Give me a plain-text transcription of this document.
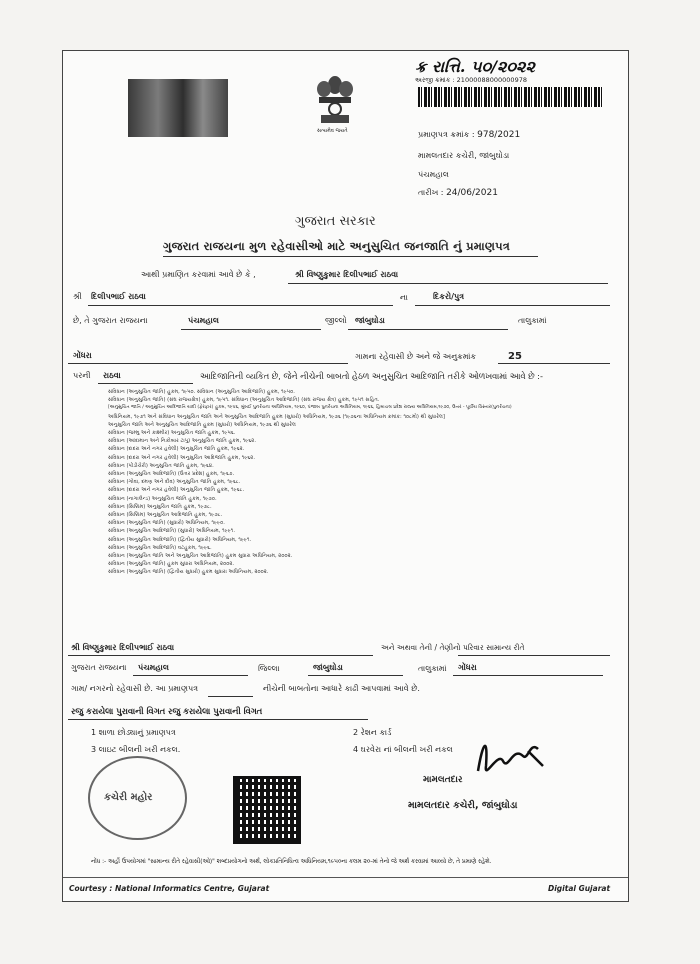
સત્યમેવ જયતે
ક્ર રાત્તિ. ૫૦/૨૦૨૨
અરજી ક્રમાંક : 21000088000000978
પ્રમાણપત્ર ક્રમાંક : 978/2021
મામલતદાર કચેરી, જાંબુઘોડા
પંચમહાલ
તારીખ : 24/06/2021
ગુજરાત સરકાર
ગુજરાત રાજયના મુળ રહેવાસીઓ માટે અનુસુચિત જનજાતિ નું પ્રમાણપત્ર
આથી પ્રમાણિત કરવામાં આવે છે કે ,	શ્રી વિષ્ણુકુમાર દિલીપભાઈ રાઠવા
શ્રી દિલીપભાઈ રાઠવા	ના	દિકરો/પુત્ર
છે, તે ગુજરાત રાજયના	પંચમહાલ	જીલ્લો જાંબુઘોડા	તાલુકામાં
ગોંધરા	ગામના રહેવાસી છે અને જે અનુક્રમાંક	25
પરની રાઠવા	આદિજાતિની વ્યકિત છે, જેને નીચેની બાબતો હેઠળ અનુસુચિત આદિજાતિ તરીકે ઓળખવામાં આવે છે :-
સંવિધાન (અનુસુચિત જાતિ) હુકમ, ૧૯૫૦. સંવિધાન (અનુસુચિત આદિજાતિ) હુકમ, ૧૯૫૦.
સંવિધાન (અનુસુચિત જાતિ) (સંઘ રાજયક્ષેત્ર) હુકમ, ૧૯૫૧. સંવિધાન (અનુસુચિત આદિજાતિ) (સંઘ રાજય ક્ષેત્ર) હુકમ, ૧૯૫૧ સહિત.
[અનુસુચિત જાતિ / અનુસુચિત આદિજાતિ યાદી (ફેરફાર) હુકમ, ૧૯૫૬, મુંબઈ પુનર્રચના અધિનિયમ, ૧૯૬૦, પંજાબ પુનર્રચના અધિનિયમ, ૧૯૬૬, હિમાચલ પ્રદેશ રાજ્ય અધિનિયમ,૧૯૭૦, ઉત્તર - પૂર્વીય વિસ્તાર(પુનર્રચના)
અધિનિયમ, ૧૯૭૧ અને સંવિધાન અનુસુચિત જાતિ અને અનુસુચિત આદિજાતિ હુકમ (સુધારો) અધિનિયમ, ૧૯૭૬ (૧૯૭૬ના અધિનિયમ ક્રમાંક: ૧૦૮મો) થી સુધારેલ]
અનુસુચિત જાતિ અને અનુસુચિત આદિજાતિ હુકમ (સુધારો) અધિનિયમ, ૧૯૭૬ થી સુધારેલ
સંવિધાન (જમ્મુ અને કાશ્મીર) અનુસુચિત જાતિ હુકમ, ૧૯૫૬.
સંવિધાન (આંદામાન અને નિકોબાર ટાપુ) અનુસુચિત જાતિ હુકમ, ૧૯૬૨.
સંવિધાન (દાદરા અને નગર હવેલી) અનુસુચિત જાતિ હુકમ, ૧૯૬૨.
સંવિધાન (દાદરા અને નગર હવેલી) અનુસુચિત આદિજાતિ હુકમ, ૧૯૬૨.
સંવિધાન (પોંડીચેરી) અનુસુચિત જાતિ હુકમ, ૧૯૬૪.
સંવિધાન (અનુસુચિત આદિજાતિ) (ઉત્તર પ્રદેશ) હુકમ, ૧૯૬૭.
સંવિધાન (ગોવા, દમણ અને દીવ) અનુસુચિત જાતિ હુકમ, ૧૯૬૮.
સંવિધાન (દાદરા અને નગર હવેલી) અનુસુચિત જાતિ હુકમ, ૧૯૬૮.
સંવિધાન (નાગાલેન્ડ) અનુસુચિત જાતિ હુકમ, ૧૯૭૦.
સંવિધાન (સિક્કિમ) અનુસુચિત જાતિ હુકમ, ૧૯૭૮.
સંવિધાન (સિક્કિમ) અનુસુચિત આદિજાતિ હુકમ, ૧૯૭૮.
સંવિધાન (અનુસુચિત જાતિ) (સુધારો) અધિનિયમ, ૧૯૯૦.
સંવિધાન (અનુસુચિત આદિજાતિ) (સુધારો) અધિનિયમ, ૧૯૯૧.
સંવિધાન (અનુસુચિત આદિજાતિ) (દ્વિતીય સુધારો) અધિનિયમ, ૧૯૯૧.
સંવિધાન (અનુસુચિત આદિજાતિ) વટહુકમ, ૧૯૯૬.
સંવિધાન (અનુસુચિત જાતિ અને અનુસુચિત આદિજાતિ) હુકમ સુધારા અધિનિયમ, ૨૦૦૨.
સંવિધાન (અનુસુચિત જાતિ) હુકમ સુધારા અધિનિયમ, ૨૦૦૨.
સંવિધાન (અનુસુચિત જાતિ) (દ્વિતીય સુધારો) હુકમ સુધારા અધિનિયમ, ૨૦૦૨.
શ્રી વિષ્ણુકુમાર દિલીપભાઈ રાઠવા	અને અથવા તેની / તેણીનો પરિવાર સામાન્ય રીતે
ગુજરાત રાજયના પંચમહાલ	જિલ્લા	જાંબુઘોડા	તાલુકામાં ગોંધરા
ગામ/ નગરનો રહેવાસી છે. આ પ્રમાણપત્ર	નીચેની બાબતોના આધારે કાઢી આપવામાં આવે છે.
રજુ કરાયેલા પુરાવાની વિગત રજુ કરાયેલા પુરાવાની વિગત
1 શાળા છોડ્યાનું પ્રમાણપત્ર	2 રેશન કાર્ડ
3 લાઇટ બીલની ખરી નકલ.	4 ઘરવેરા નાં બીલની ખરી નકલ
કચેરી મહોર
મામલતદાર
મામલતદાર કચેરી, જાંબુઘોડા
નોંધ :- અહીં ઉપયોગમાં "સામાન્ય રીતે રહેવાસી(ઓ)" શબ્દપ્રયોગનો અર્થ, લોકપ્રતિનિધિત્વ અધિનિયમ,૧૯૫૦ના કલમ ૨૦-માં તેનો જે અર્થ કરવામાં આવ્યો છે, તે પ્રમાણે રહેશે.
Courtesy : National Informatics Centre, Gujarat	Digital Gujarat
